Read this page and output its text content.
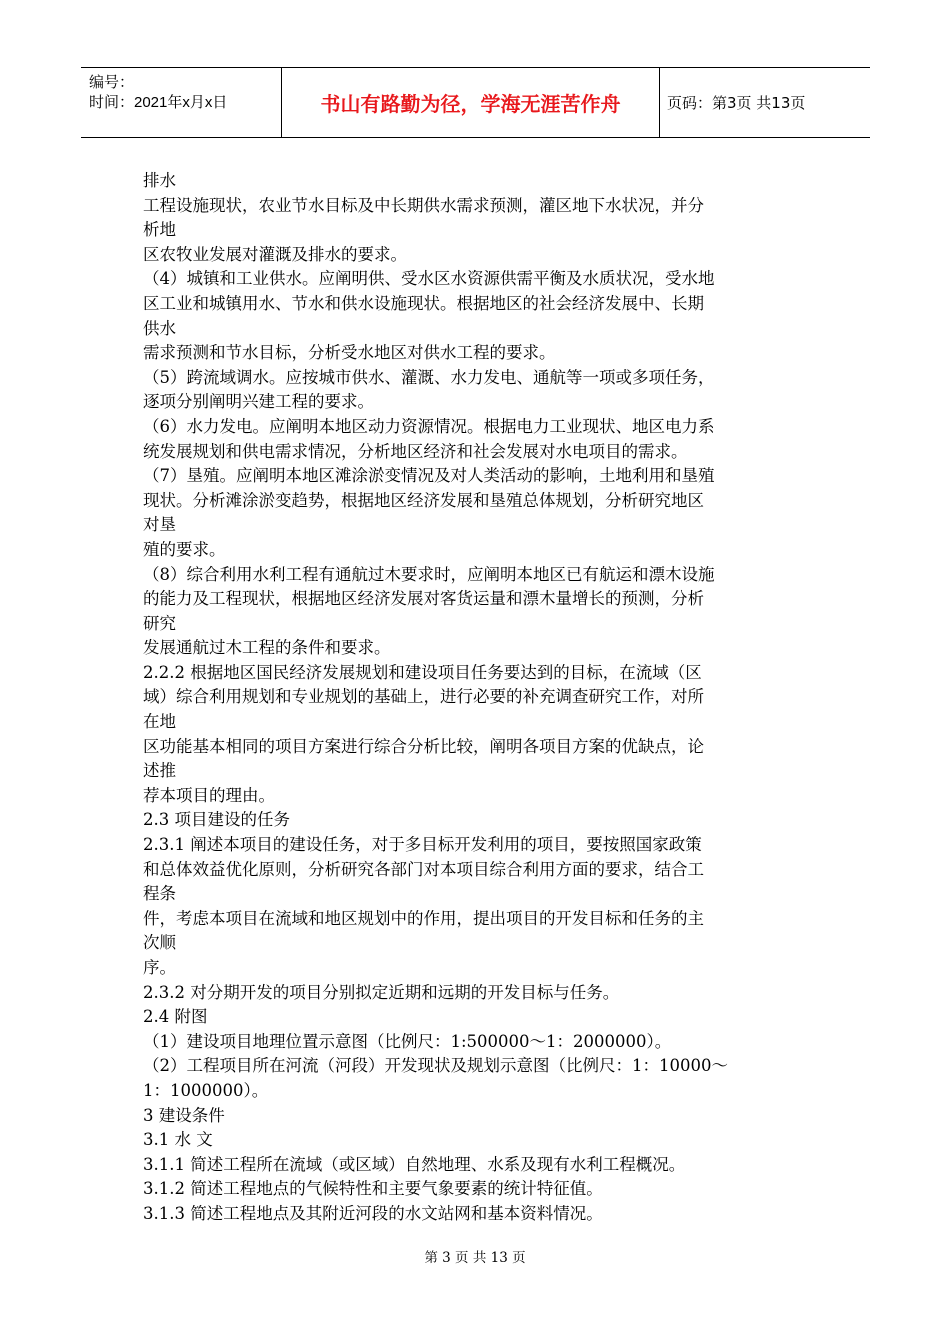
编号：
时间：2021年x月x日	书山有路勤为径，学海无涯苦作舟	页码：第3页 共13页
排水
工程设施现状，农业节水目标及中长期供水需求预测，灌区地下水状况，并分
析地
区农牧业发展对灌溉及排水的要求。
（4）城镇和工业供水。应阐明供、受水区水资源供需平衡及水质状况，受水地
区工业和城镇用水、节水和供水设施现状。根据地区的社会经济发展中、长期
供水
需求预测和节水目标，分析受水地区对供水工程的要求。
（5）跨流域调水。应按城市供水、灌溉、水力发电、通航等一项或多项任务，
逐项分别阐明兴建工程的要求。
（6）水力发电。应阐明本地区动力资源情况。根据电力工业现状、地区电力系
统发展规划和供电需求情况，分析地区经济和社会发展对水电项目的需求。
（7）垦殖。应阐明本地区滩涂淤变情况及对人类活动的影响，土地利用和垦殖
现状。分析滩涂淤变趋势，根据地区经济发展和垦殖总体规划，分析研究地区
对垦
殖的要求。
（8）综合利用水利工程有通航过木要求时，应阐明本地区已有航运和漂木设施
的能力及工程现状，根据地区经济发展对客货运量和漂木量增长的预测，分析
研究
发展通航过木工程的条件和要求。
2.2.2 根据地区国民经济发展规划和建设项目任务要达到的目标，在流域（区
域）综合利用规划和专业规划的基础上，进行必要的补充调查研究工作，对所
在地
区功能基本相同的项目方案进行综合分析比较，阐明各项目方案的优缺点，论
述推
荐本项目的理由。
2.3 项目建设的任务
2.3.1 阐述本项目的建设任务，对于多目标开发利用的项目，要按照国家政策
和总体效益优化原则，分析研究各部门对本项目综合利用方面的要求，结合工
程条
件，考虑本项目在流域和地区规划中的作用，提出项目的开发目标和任务的主
次顺
序。
2.3.2 对分期开发的项目分别拟定近期和远期的开发目标与任务。
2.4 附图
（1）建设项目地理位置示意图（比例尺：1:500000～1：2000000）。
（2）工程项目所在河流（河段）开发现状及规划示意图（比例尺：1：10000～
1：1000000）。
3 建设条件
3.1 水 文
3.1.1 简述工程所在流域（或区域）自然地理、水系及现有水利工程概况。
3.1.2 简述工程地点的气候特性和主要气象要素的统计特征值。
3.1.3 简述工程地点及其附近河段的水文站网和基本资料情况。
第 3 页 共 13 页
